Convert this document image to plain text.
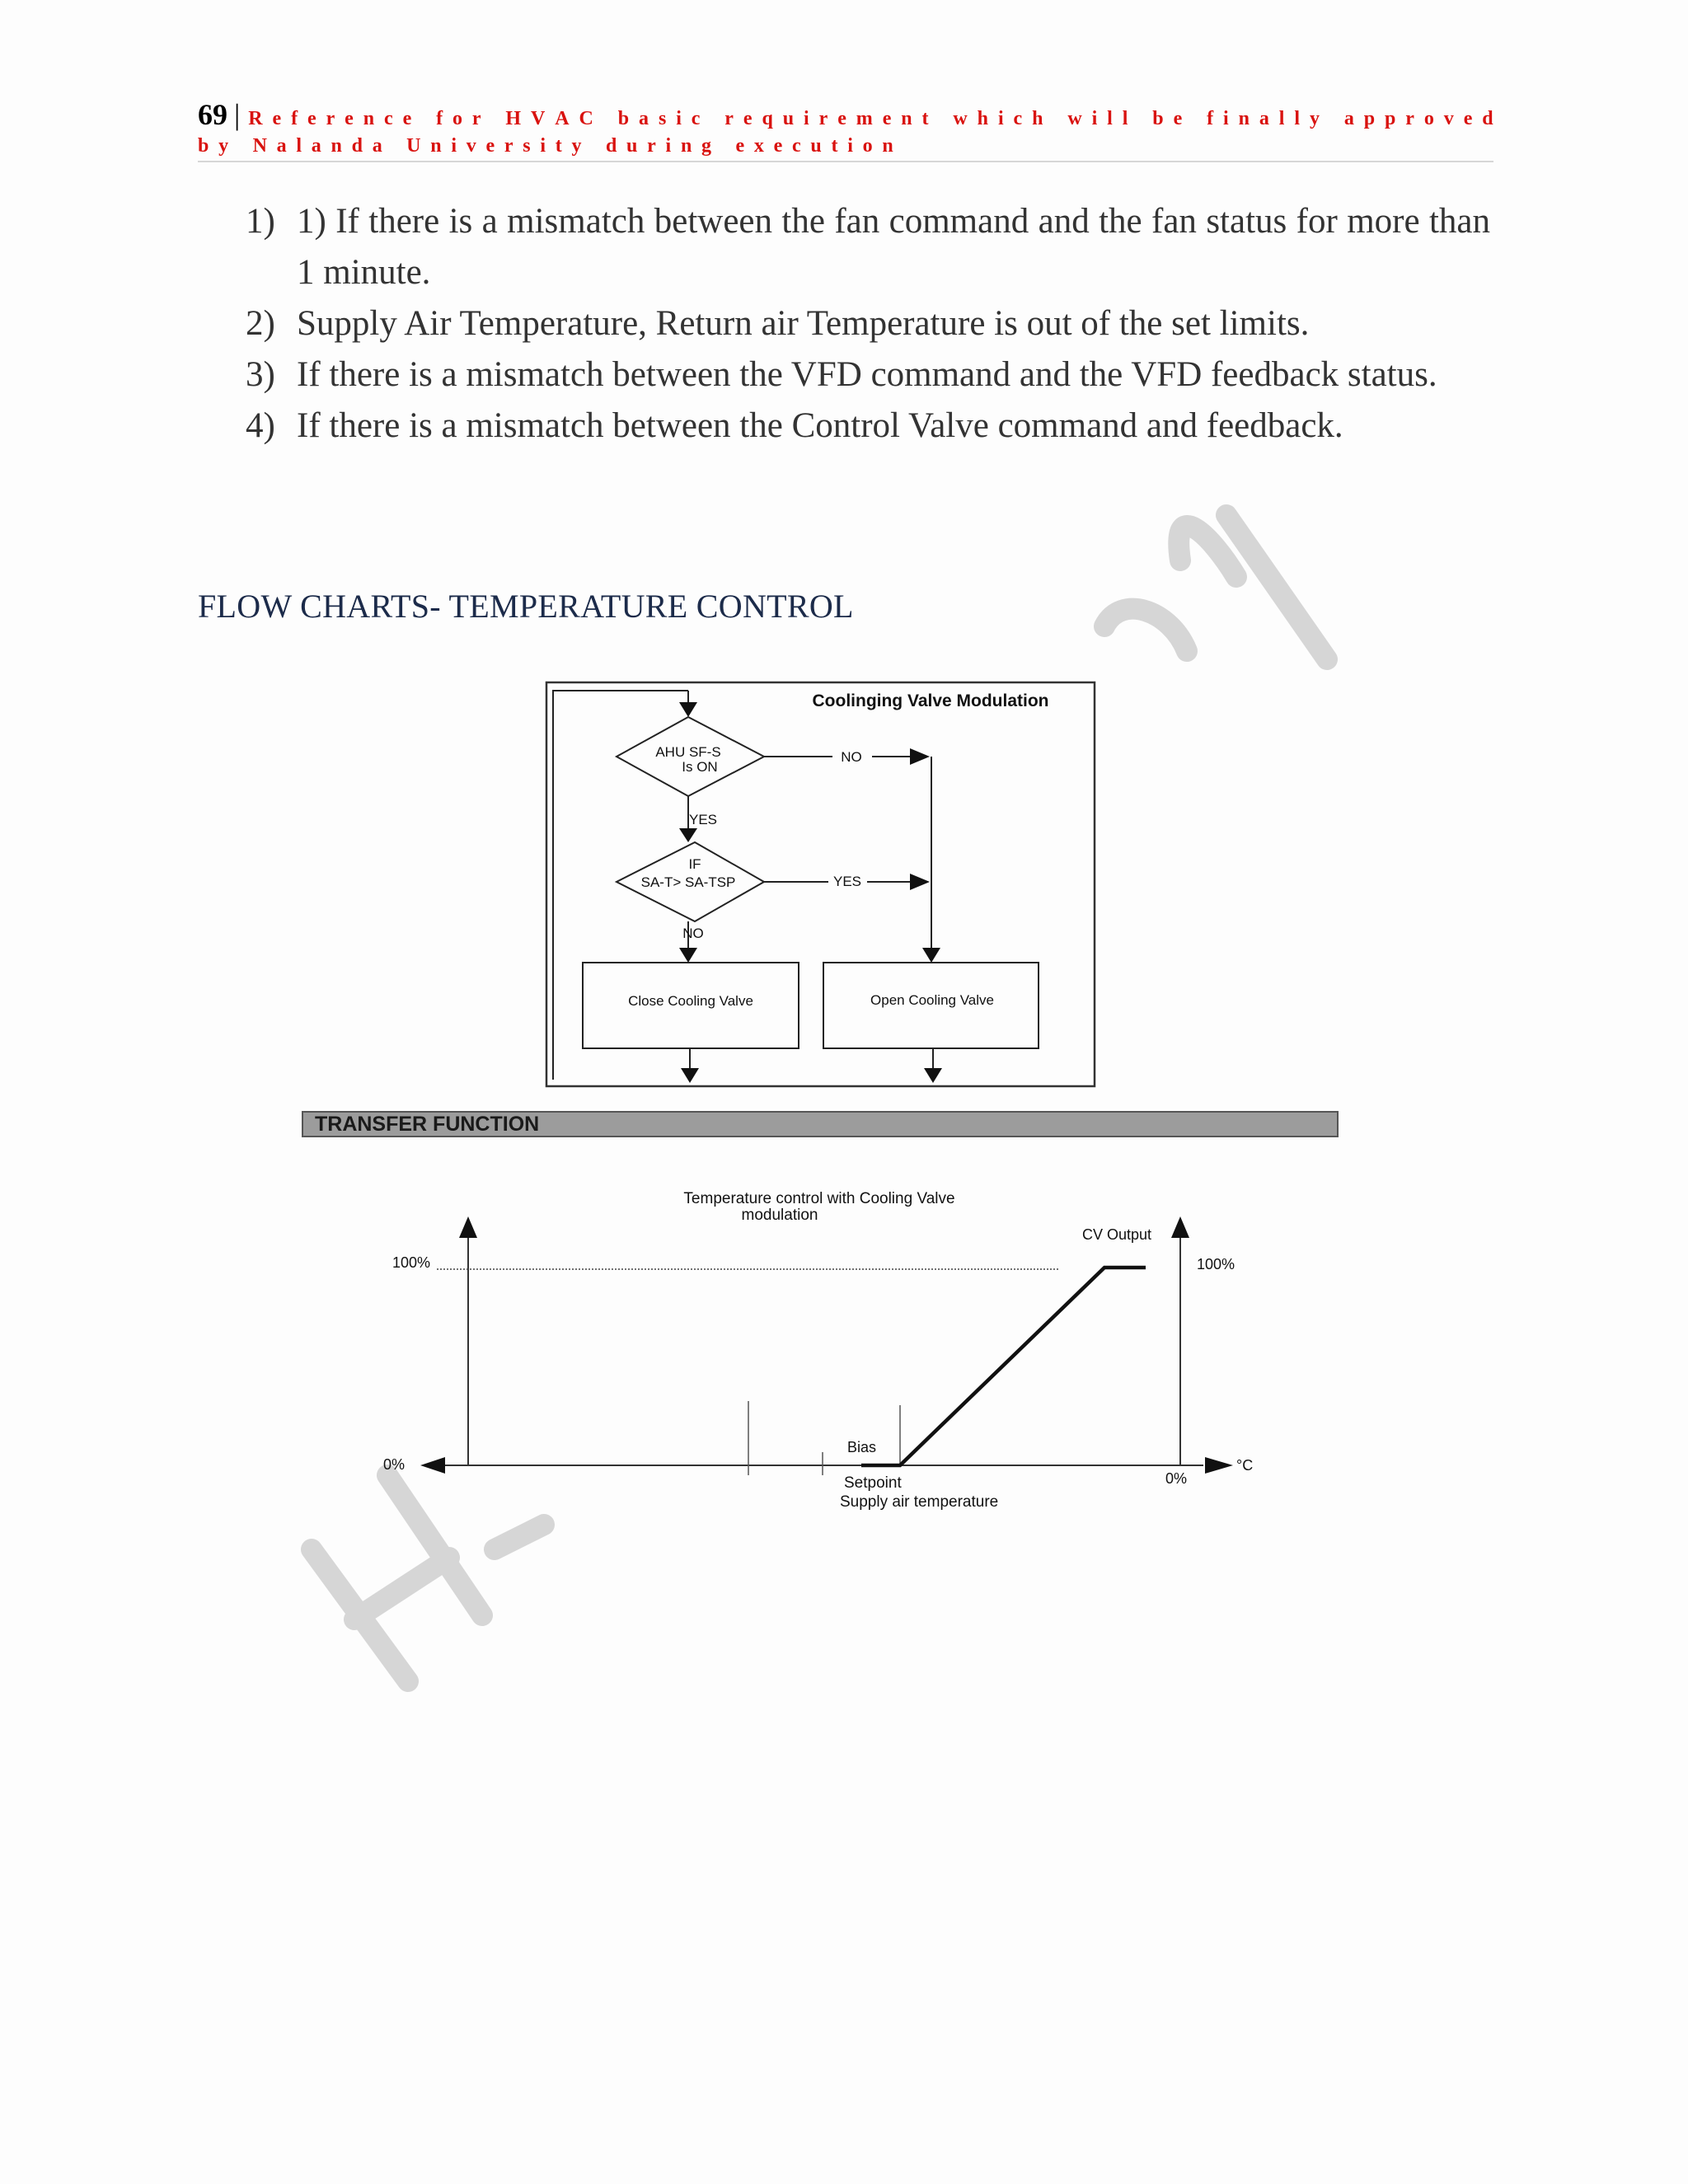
69 | R e f e r e n c e
f o r
H V A C
b a s i c
r e q u i r e m e n t
w h i c h
w i l l
b e
f i n a l l y
a p p r o v e d
b y
N a l a n d a
U n i v e r s i t y
d u r i n g
e x e c u t i o n
1) 1) If there is a mismatch between the fan command and the fan status for more than 1 minute.
2) Supply Air Temperature, Return air Temperature is out of the set limits.
3) If there is a mismatch between the VFD command and the VFD feedback status.
4) If there is a mismatch between the Control Valve command and feedback.
FLOW CHARTS- TEMPERATURE CONTROL
Coolinging Valve Modulation
AHU SF-S
Is ON
NO
YES
IF
SA-T> SA-TSP	YES
NO
Close Cooling Valve	Open Cooling Valve
Temperature control with Cooling Valve
modulation
100%
0%
100%
0%
CV Output
°C
Bias
Setpoint
Supply air temperature
TRANSFER FUNCTION
